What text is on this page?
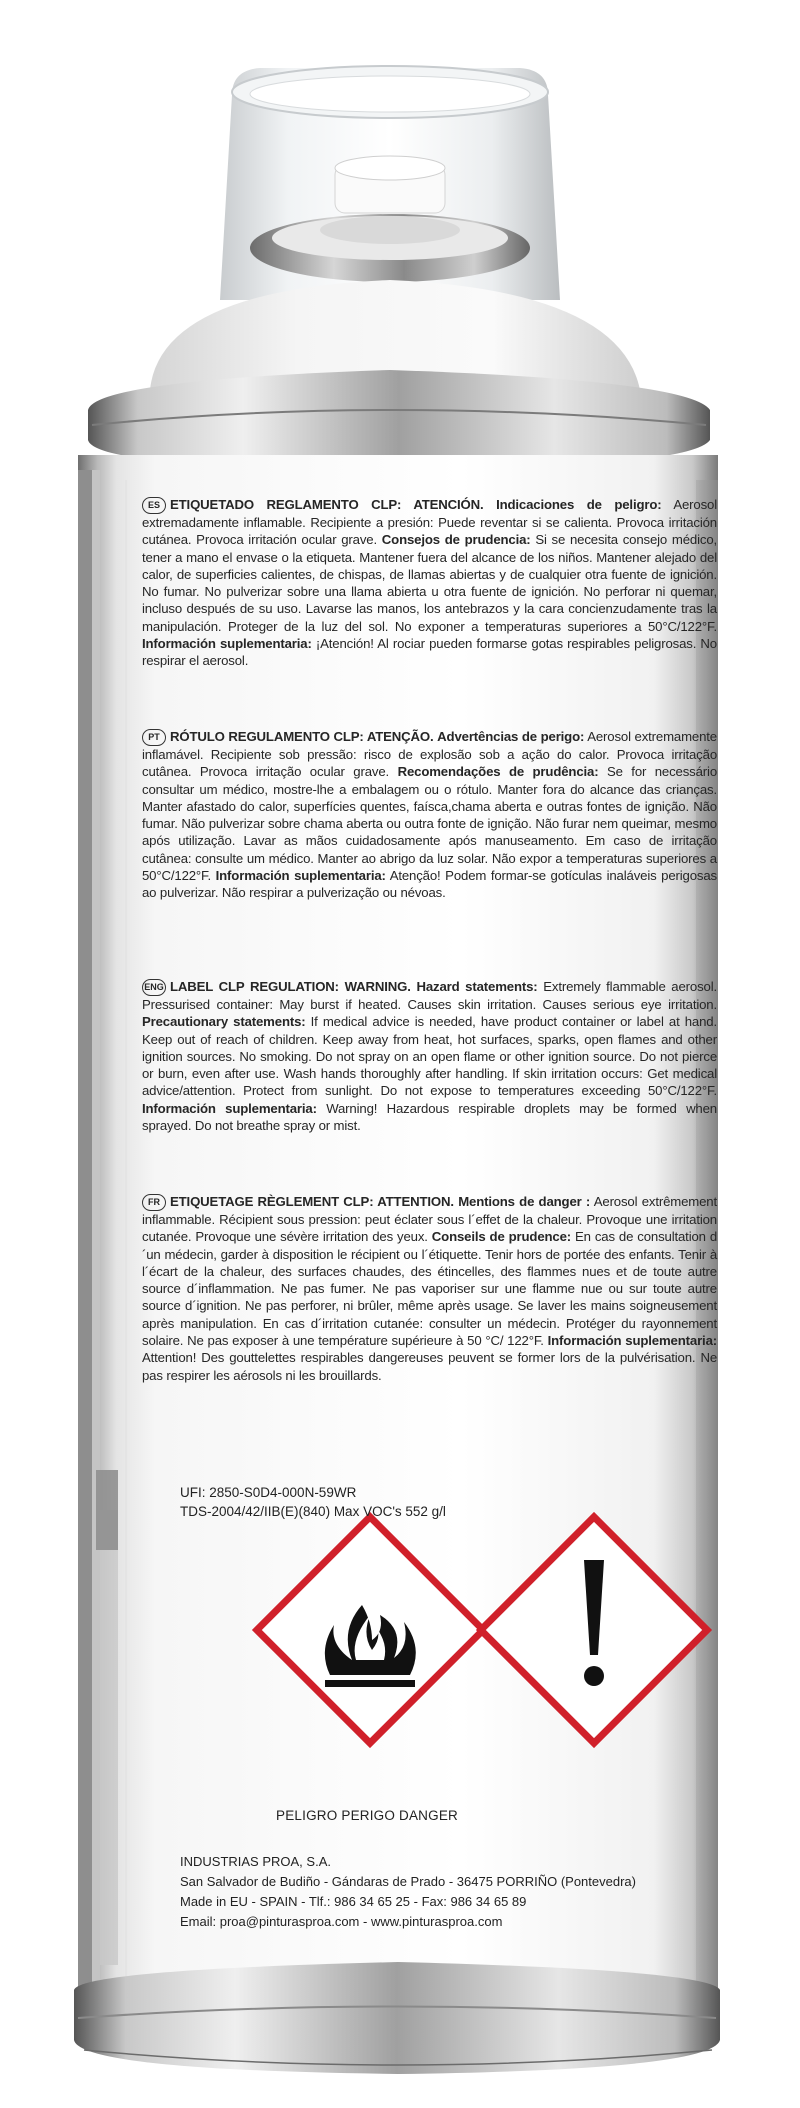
ES ETIQUETADO REGLAMENTO CLP: ATENCIÓN. Indicaciones de peligro: Aerosol extremadamente inflamable. Recipiente a presión: Puede reventar si se calienta. Provoca irritación cutánea. Provoca irritación ocular grave. Consejos de prudencia: Si se necesita consejo médico, tener a mano el envase o la etiqueta. Mantener fuera del alcance de los niños. Mantener alejado del calor, de superficies calientes, de chispas, de llamas abiertas y de cualquier otra fuente de ignición. No fumar. No pulverizar sobre una llama abierta u otra fuente de ignición. No perforar ni quemar, incluso después de su uso. Lavarse las manos, los antebrazos y la cara concienzudamente tras la manipulación. Proteger de la luz del sol. No exponer a temperaturas superiores a 50°C/122°F. Información suplementaria: ¡Atención! Al rociar pueden formarse gotas respirables peligrosas. No respirar el aerosol.
PT RÓTULO REGULAMENTO CLP: ATENÇÃO. Advertências de perigo: Aerosol extremamente inflamável. Recipiente sob pressão: risco de explosão sob a ação do calor. Provoca irritação cutânea. Provoca irritação ocular grave. Recomendações de prudência: Se for necessário consultar um médico, mostre-lhe a embalagem ou o rótulo. Manter fora do alcance das crianças. Manter afastado do calor, superfícies quentes, faísca,chama aberta e outras fontes de ignição. Não fumar. Não pulverizar sobre chama aberta ou outra fonte de ignição. Não furar nem queimar, mesmo após utilização. Lavar as mãos cuidadosamente após manuseamento. Em caso de irritação cutânea: consulte um médico. Manter ao abrigo da luz solar. Não expor a temperaturas superiores a 50°C/122°F. Información suplementaria: Atenção! Podem formar-se gotículas inaláveis perigosas ao pulverizar. Não respirar a pulverização ou névoas.
ENG LABEL CLP REGULATION: WARNING. Hazard statements: Extremely flammable aerosol. Pressurised container: May burst if heated. Causes skin irritation. Causes serious eye irritation. Precautionary statements: If medical advice is needed, have product container or label at hand. Keep out of reach of children. Keep away from heat, hot surfaces, sparks, open flames and other ignition sources. No smoking. Do not spray on an open flame or other ignition source. Do not pierce or burn, even after use. Wash hands thoroughly after handling. If skin irritation occurs: Get medical advice/attention. Protect from sunlight. Do not expose to temperatures exceeding 50°C/122°F. Información suplementaria: Warning! Hazardous respirable droplets may be formed when sprayed. Do not breathe spray or mist.
FR ETIQUETAGE RÈGLEMENT CLP: ATTENTION. Mentions de danger : Aerosol extrêmement inflammable. Récipient sous pression: peut éclater sous l´effet de la chaleur. Provoque une irritation cutanée. Provoque une sévère irritation des yeux. Conseils de prudence: En cas de consultation d´un médecin, garder à disposition le récipient ou l´étiquette. Tenir hors de portée des enfants. Tenir à l´écart de la chaleur, des surfaces chaudes, des étincelles, des flammes nues et de toute autre source d´inflammation. Ne pas fumer. Ne pas vaporiser sur une flamme nue ou sur toute autre source d´ignition. Ne pas perforer, ni brûler, même après usage. Se laver les mains soigneusement après manipulation. En cas d´irritation cutanée: consulter un médecin. Protéger du rayonnement solaire. Ne pas exposer à une température supérieure à 50 °C/ 122°F. Información suplementaria: Attention! Des gouttelettes respirables dangereuses peuvent se former lors de la pulvérisation. Ne pas respirer les aérosols ni les brouillards.
UFI: 2850-S0D4-000N-59WR
TDS-2004/42/IIB(E)(840) Max VOC's 552 g/l
PELIGRO PERIGO DANGER
INDUSTRIAS PROA, S.A.
San Salvador de Budiño - Gándaras de Prado - 36475 PORRIÑO (Pontevedra)
Made in EU - SPAIN - Tlf.: 986 34 65 25 - Fax: 986 34 65 89
Email: proa@pinturasproa.com - www.pinturasproa.com
